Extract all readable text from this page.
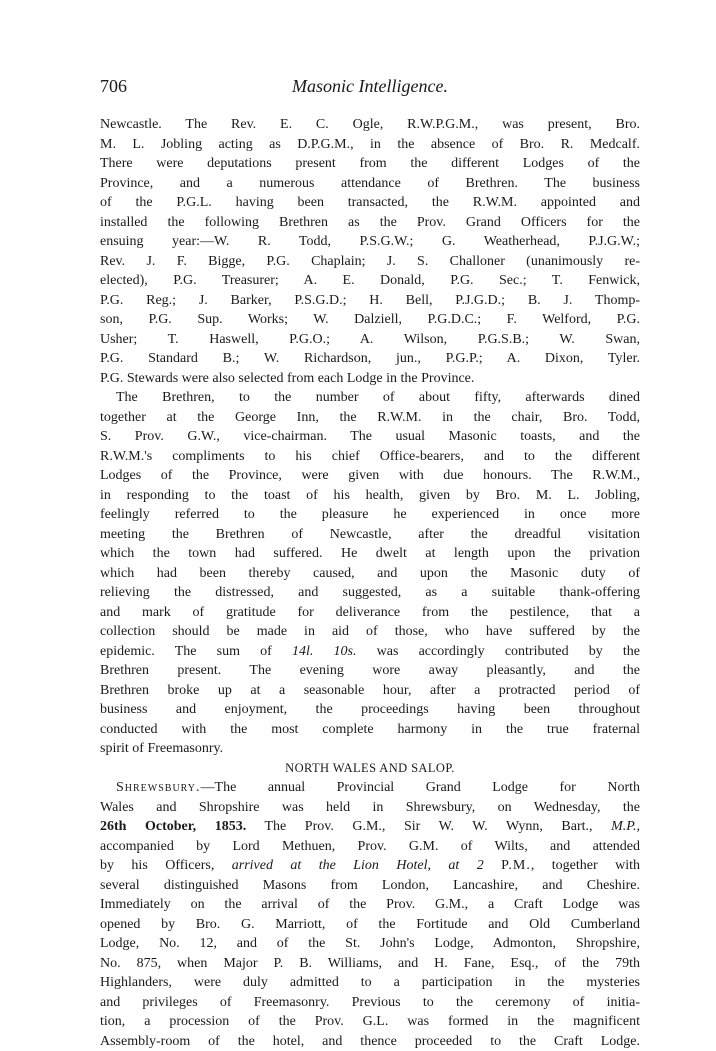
706	Masonic Intelligence.
Newcastle. The Rev. E. C. Ogle, R.W.P.G.M., was present, Bro.
M. L. Jobling acting as D.P.G.M., in the absence of Bro. R. Medcalf.
There were deputations present from the different Lodges of the
Province, and a numerous attendance of Brethren. The business
of the P.G.L. having been transacted, the R.W.M. appointed and
installed the following Brethren as the Prov. Grand Officers for the
ensuing year:—W. R. Todd, P.S.G.W.; G. Weatherhead, P.J.G.W.;
Rev. J. F. Bigge, P.G. Chaplain; J. S. Challoner (unanimously re-
elected), P.G. Treasurer; A. E. Donald, P.G. Sec.; T. Fenwick,
P.G. Reg.; J. Barker, P.S.G.D.; H. Bell, P.J.G.D.; B. J. Thomp-
son, P.G. Sup. Works; W. Dalziell, P.G.D.C.; F. Welford, P.G.
Usher; T. Haswell, P.G.O.; A. Wilson, P.G.S.B.; W. Swan,
P.G. Standard B.; W. Richardson, jun., P.G.P.; A. Dixon, Tyler.
P.G. Stewards were also selected from each Lodge in the Province.
The Brethren, to the number of about fifty, afterwards dined
together at the George Inn, the R.W.M. in the chair, Bro. Todd,
S. Prov. G.W., vice-chairman. The usual Masonic toasts, and the
R.W.M.'s compliments to his chief Office-bearers, and to the different
Lodges of the Province, were given with due honours. The R.W.M.,
in responding to the toast of his health, given by Bro. M. L. Jobling,
feelingly referred to the pleasure he experienced in once more
meeting the Brethren of Newcastle, after the dreadful visitation
which the town had suffered. He dwelt at length upon the privation
which had been thereby caused, and upon the Masonic duty of
relieving the distressed, and suggested, as a suitable thank-offering
and mark of gratitude for deliverance from the pestilence, that a
collection should be made in aid of those, who have suffered by the
epidemic. The sum of 14l. 10s. was accordingly contributed by the
Brethren present. The evening wore away pleasantly, and the
Brethren broke up at a seasonable hour, after a protracted period of
business and enjoyment, the proceedings having been throughout
conducted with the most complete harmony in the true fraternal
spirit of Freemasonry.
NORTH WALES AND SALOP.
Shrewsbury.—The annual Provincial Grand Lodge for North
Wales and Shropshire was held in Shrewsbury, on Wednesday, the
26th October, 1853. The Prov. G.M., Sir W. W. Wynn, Bart., M.P.,
accompanied by Lord Methuen, Prov. G.M. of Wilts, and attended
by his Officers, arrived at the Lion Hotel, at 2 P.M., together with
several distinguished Masons from London, Lancashire, and Cheshire.
Immediately on the arrival of the Prov. G.M., a Craft Lodge was
opened by Bro. G. Marriott, of the Fortitude and Old Cumberland
Lodge, No. 12, and of the St. John's Lodge, Admonton, Shropshire,
No. 875, when Major P. B. Williams, and H. Fane, Esq., of the 79th
Highlanders, were duly admitted to a participation in the mysteries
and privileges of Freemasonry. Previous to the ceremony of initia-
tion, a procession of the Prov. G.L. was formed in the magnificent
Assembly-room of the hotel, and thence proceeded to the Craft Lodge.
